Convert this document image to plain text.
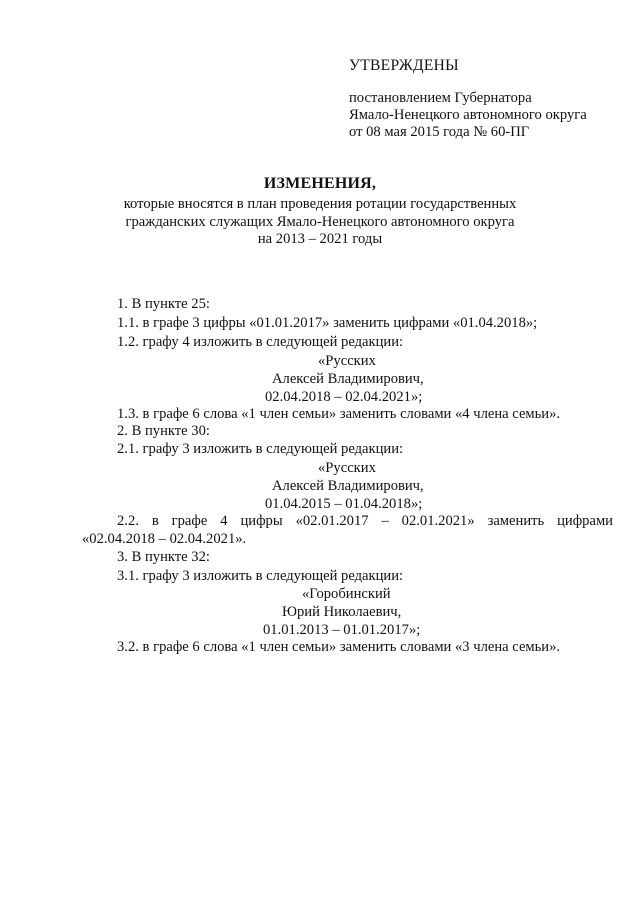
УТВЕРЖДЕНЫ
постановлением Губернатора
Ямало-Ненецкого автономного округа
от 08 мая 2015 года № 60-ПГ
ИЗМЕНЕНИЯ,
которые вносятся в план проведения ротации государственных
гражданских служащих Ямало-Ненецкого автономного округа
на 2013 – 2021 годы
1. В пункте 25:
1.1. в графе 3 цифры «01.01.2017» заменить цифрами «01.04.2018»;
1.2. графу 4 изложить в следующей редакции:
«Русских
Алексей Владимирович,
02.04.2018 – 02.04.2021»;
1.3. в графе 6 слова «1 член семьи» заменить словами «4 члена семьи».
2. В пункте 30:
2.1. графу 3 изложить в следующей редакции:
«Русских
Алексей Владимирович,
01.04.2015 – 01.04.2018»;
2.2. в графе 4 цифры «02.01.2017 – 02.01.2021» заменить цифрами
«02.04.2018 – 02.04.2021».
3. В пункте 32:
3.1. графу 3 изложить в следующей редакции:
«Горобинский
Юрий Николаевич,
01.01.2013 – 01.01.2017»;
3.2. в графе 6 слова «1 член семьи» заменить словами «3 члена семьи».
